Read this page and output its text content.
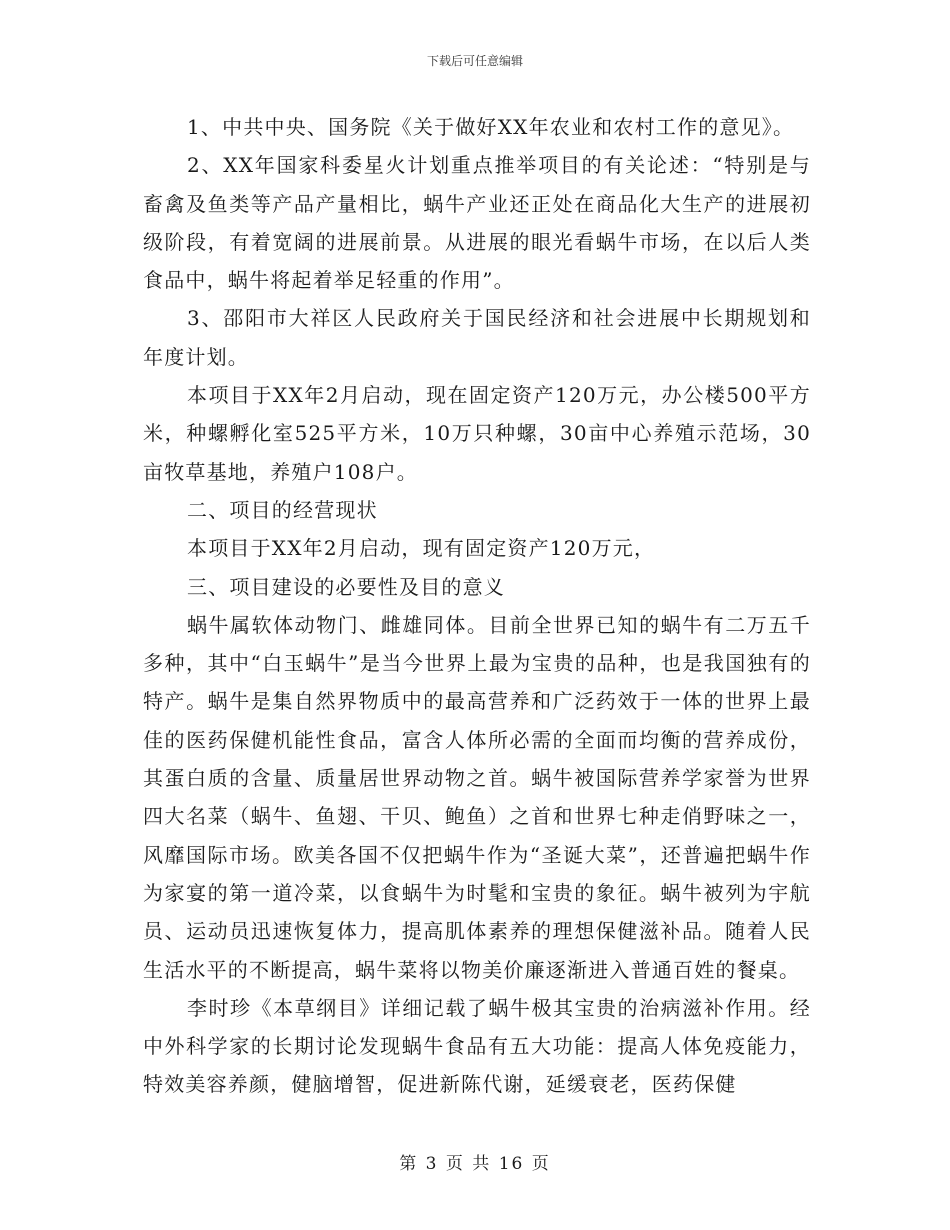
下载后可任意编辑

1、中共中央、国务院《关于做好XX年农业和农村工作的意见》。

2、XX年国家科委星火计划重点推举项目的有关论述：“特别是与畜禽及鱼类等产品产量相比，蜗牛产业还正处在商品化大生产的进展初级阶段，有着宽阔的进展前景。从进展的眼光看蜗牛市场，在以后人类食品中，蜗牛将起着举足轻重的作用”。

3、邵阳市大祥区人民政府关于国民经济和社会进展中长期规划和年度计划。

本项目于XX年2月启动，现在固定资产120万元，办公楼500平方米，种螺孵化室525平方米，10万只种螺，30亩中心养殖示范场，30亩牧草基地，养殖户108户。

二、项目的经营现状

本项目于XX年2月启动，现有固定资产120万元，

三、项目建设的必要性及目的意义

蜗牛属软体动物门、雌雄同体。目前全世界已知的蜗牛有二万五千多种，其中“白玉蜗牛”是当今世界上最为宝贵的品种，也是我国独有的特产。蜗牛是集自然界物质中的最高营养和广泛药效于一体的世界上最佳的医药保健机能性食品，富含人体所必需的全面而均衡的营养成份，其蛋白质的含量、质量居世界动物之首。蜗牛被国际营养学家誉为世界四大名菜（蜗牛、鱼翅、干贝、鲍鱼）之首和世界七种走俏野味之一，风靡国际市场。欧美各国不仅把蜗牛作为“圣诞大菜”，还普遍把蜗牛作为家宴的第一道冷菜，以食蜗牛为时髦和宝贵的象征。蜗牛被列为宇航员、运动员迅速恢复体力，提高肌体素养的理想保健滋补品。随着人民生活水平的不断提高，蜗牛菜将以物美价廉逐渐进入普通百姓的餐桌。

李时珍《本草纲目》详细记载了蜗牛极其宝贵的治病滋补作用。经中外科学家的长期讨论发现蜗牛食品有五大功能：提高人体免疫能力，特效美容养颜，健脑增智，促进新陈代谢，延缓衰老，医药保健

第 3 页 共 16 页
